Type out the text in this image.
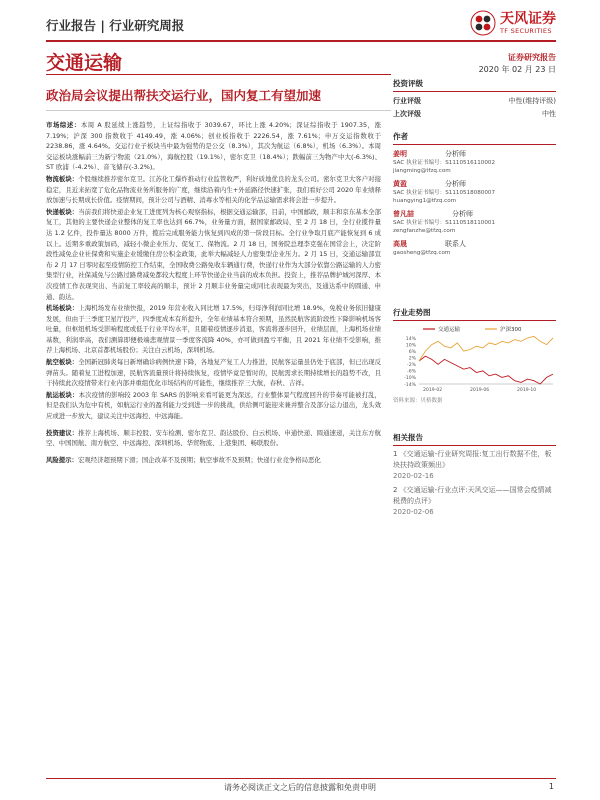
行业报告 | 行业研究周报	天风证券
TF SECURITIES
交通运输	证券研究报告
2020 年 02 月 23 日
政治局会议提出帮扶交运行业，国内复工有望加速
市场综述：本周 A 股延续上涨趋势，上证综指收于 3039.67，环比上涨 4.20%；深证综指收于 1907.35，涨 7.19%；沪深 300 指数收于 4149.49，涨 4.06%；创业板指收于 2226.54，涨 7.61%；申万交运指数收于 2238.86，涨 4.64%。交运行业子板块当中最为强势的是公交（8.3%），其次为航运（6.8%），机场（6.3%）。本周交运板块涨幅前三为新宁物流（21.0%），海航控股（19.1%），密尔克卫（18.4%）；跌幅前三为物产中大(-6.3%)、ST 欧浦（-4.2%）、音飞储存(-3.2%)。
物流板块：个股继续推荐密尔克卫。江苏化工爆炸推动行业监管收严，利好质地优良的龙头公司。密尔克卫大客户对接稳定，且近来拓宽了危化品物流业务所服务的广度，继续沿着内生+外延路径快速扩张，我们看好公司 2020 年业绩释放加速与长期成长价值。疫情期间，预计公司与酒精、消毒水等相关的化学品运输需求将会进一步提升。
快递板块：当前我们将快递企业复工进度列为核心观察指标，根据交通运输部，目前，中国邮政，顺丰和京东基本全部复工，其他的主要快递企业整体的复工率也达到 66.7%，业务量方面，据国家邮政局，至 2 月 18 日，全行业揽件量达 1.2 亿件，投件量达 8000 万件，揽后完成服务能力恢复到四成的第一阶段目标。全行业争取月底产能恢复到 6 成以上。近期多重政策加码，减轻小微企业压力、促复工、保物流。2 月 18 日，国务院总理李克强在国常会上，决定阶段性减免企业社保费和实施企业缓缴住房公积金政策，此举大幅减轻人力密集型企业压力。2 月 15 日，交通运输部宣布 2 月 17 日零时起至疫情防控工作结束，全国收费公路免收车辆通行费，快递行业作为大部分依靠公路运输的人力密集型行业，社保减免与公路过路费减免都较大程度上环节快递企业当前的成本负担。投资上，推荐品牌护城河深厚、本次疫情工作表现突出、当前复工率较高的顺丰，预计 2 月顺丰业务量完成同比表现最为突出，及通达系中的圆通、申通、韵达。
机场板块：上海机场发布业绩快报，2019 年营业收入同比增 17.5%，归母净利润同比增 18.9%，免税业务依旧健康发展，但由于三季度卫星厅投产，四季度成本有所提升，全年业绩基本符合预期，虽然民航客流阶段性下降影响机场客吐量，但枢纽机场受影响程度或低于行业平均水平，且随着疫情逐步消退，客流将逐步回升，业绩层面，上海机场业绩基数，利润率高，我们测算即便极端悲观情景一季度客流降 40%，亦可做到盈亏平衡，且 2021 年业绩不受影响，推荐上海机场、北京首都机场股份；关注白云机场，深圳机场。
航空板块：全国新冠肺炎每日新增确诊病例快速下降，各地复产复工人力推进，民航客运量虽仍处于底部，但已出现反弹苗头。随着复工进程加速，民航客流量预计将持续恢复，疫情毕竟是暂时的，民航需求长期持续增长的趋势不改，且干持续此次疫情带来行业内部并重组优化市场结构的可能性，继续推荐三大航，春秋、吉祥。
航运板块：本次疫情的影响较 2003 年 SARS 的影响来看可能更为深远，行业整体景气程度回升的节奏可能被打乱，但是我们认为危中有机，如航运行业的盈利能力受到进一步的挑战，供给侧可能迎来兼并整合及部分运力退出，龙头效应或进一步放大，建议关注中远海控、中远海能。
投资建议：推荐上海机场、顺丰控股、安车检测、密尔克卫、韵达股份、白云机场、申通快递、圆通速递，关注东方航空、中国国航、南方航空、中远海控、深圳机场、华贸物流、上港集团、畅联股份。
风险提示：宏观经济超预期下滑；国企改革不及预期；航空事故不及预期；快递行业竞争格局恶化
投资评级
行业评级	中性(维持评级)
上次评级	中性
作者
姜明	分析师
SAC 执业证书编号：S1110516110002
jiangming@tfzq.com
黄盈	分析师
SAC 执业证书编号：S1110518080007
huangying1@tfzq.com
曾凡喆	分析师
SAC 执业证书编号：S1110518110001
zengfanzhe@tfzq.com
高晟	联系人
gaosheng@tfzq.com
行业走势图
交通运输	沪深300
14%
10%
6%
2%
-2%
-6%
-10%
-14%
2019-02	2019-06	2019-10
资料来源：贝格数据
相关报告
1 《交通运输-行业研究周报:复工出行数据不佳，板块扶持政策频出》
2020-02-16
2 《交通运输-行业点评:天风交运——国常会疫情减税费的点评》
2020-02-06
请务必阅读正文之后的信息披露和免责申明	1
